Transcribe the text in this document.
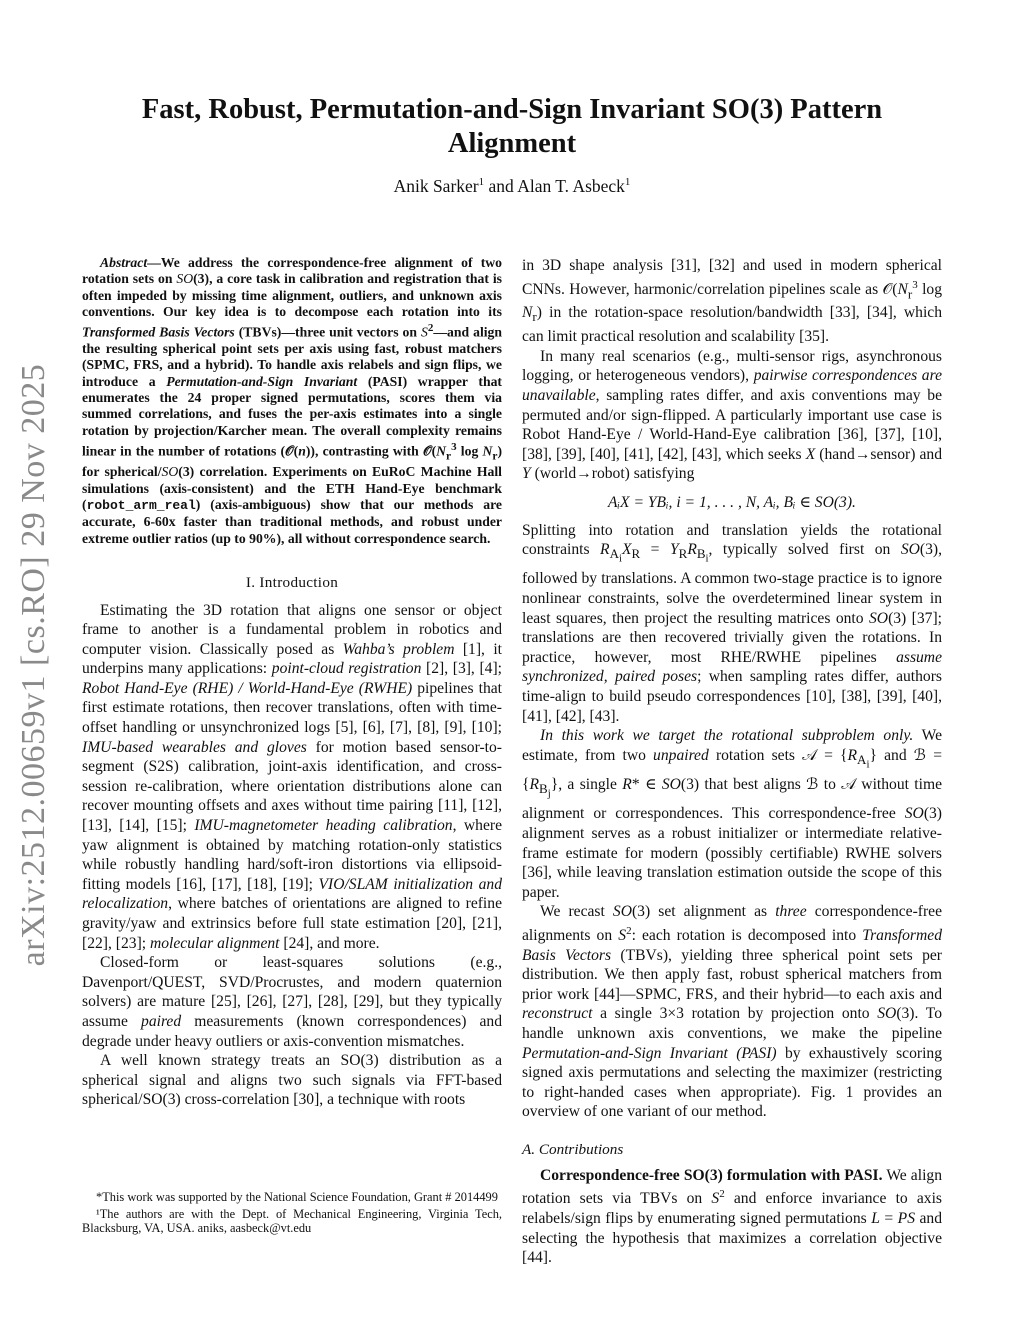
arXiv:2512.00659v1 [cs.RO] 29 Nov 2025
Fast, Robust, Permutation-and-Sign Invariant SO(3) Pattern Alignment
Anik Sarker$^1$ and Alan T. Asbeck$^1$
Abstract—We address the correspondence-free alignment of two rotation sets on SO(3), a core task in calibration and registration that is often impeded by missing time alignment, outliers, and unknown axis conventions. Our key idea is to decompose each rotation into its Transformed Basis Vectors (TBVs)—three unit vectors on $S^2—and$ align the resulting spherical point sets per axis using fast, robust matchers (SPMC, FRS, and a hybrid). To handle axis relabels and sign flips, we introduce a Permutation-and-Sign Invariant (PASI) wrapper that enumerates the 24 proper signed permutations, scores them via summed correlations, and fuses the per-axis estimates into a single rotation by projection/Karcher mean. The overall complexity remains linear in the number of rotations (𝒪(n)), contrasting with $𝒪(N_r^3$ $\log N_r$) for spherical/SO(3) correlation. Experiments on EuRoC Machine Hall simulations (axis-consistent) and the ETH Hand-Eye benchmark (robot_arm_real) (axis-ambiguous) show that our methods are accurate, 6-60x faster than traditional methods, and robust under extreme outlier ratios (up to 90%), all without correspondence search.
I. Introduction

Estimating the 3D rotation that aligns one sensor or object frame to another is a fundamental problem in robotics and computer vision. Classically posed as Wahba’s problem [1], it underpins many applications: point-cloud registration [2], [3], [4]; Robot Hand-Eye (RHE) / World-Hand-Eye (RWHE) pipelines that first estimate rotations, then recover translations, often with time-offset handling or unsynchronized logs [5], [6], [7], [8], [9], [10]; IMU-based wearables and gloves for motion based sensor-to-segment (S2S) calibration, joint-axis identification, and cross-session re-calibration, where orientation distributions alone can recover mounting offsets and axes without time pairing [11], [12], [13], [14], [15]; IMU-magnetometer heading calibration, where yaw alignment is obtained by matching rotation-only statistics while robustly handling hard/soft-iron distortions via ellipsoid-fitting models [16], [17], [18], [19]; VIO/SLAM initialization and relocalization, where batches of orientations are aligned to refine gravity/yaw and extrinsics before full state estimation [20], [21], [22], [23]; molecular alignment [24], and more.

Closed-form or least-squares solutions (e.g., Davenport/QUEST, SVD/Procrustes, and modern quaternion solvers) are mature [25], [26], [27], [28], [29], but they typically assume paired measurements (known correspondences) and degrade under heavy outliers or axis-convention mismatches.

A well known strategy treats an SO(3) distribution as a spherical signal and aligns two such signals via FFT-based spherical/SO(3) cross-correlation [30], a technique with roots

*This work was supported by the National Science Foundation, Grant # 2014499

¹The authors are with the Dept. of Mechanical Engineering, Virginia Tech, Blacksburg, VA, USA. aniks, aasbeck@vt.edu

in 3D shape analysis [31], [32] and used in modern spherical CNNs. However, harmonic/correlation pipelines scale as $𝒪(N_r^3$ $\log N_r$) in the rotation-space resolution/bandwidth [33], [34], which can limit practical resolution and scalability [35].

In many real scenarios (e.g., multi-sensor rigs, asynchronous logging, or heterogeneous vendors), pairwise correspondences are unavailable, sampling rates differ, and axis conventions may be permuted and/or sign-flipped. A particularly important use case is Robot Hand-Eye / World-Hand-Eye calibration [36], [37], [10], [38], [39], [40], [41], [42], [43], which seeks X (hand→sensor) and Y (world→robot) satisfying

AᵢX = YBᵢ, i = 1, . . . , N, Aᵢ, Bᵢ ∈ SO(3).

Splitting into rotation and translation yields the rotational constraints $R_{A_i}X_R = Y_RR_{B_i}$, typically solved first on SO(3), followed by translations. A common two-stage practice is to ignore nonlinear constraints, solve the overdetermined linear system in least squares, then project the resulting matrices onto SO(3) [37]; translations are then recovered trivially given the rotations. In practice, however, most RHE/RWHE pipelines assume synchronized, paired poses; when sampling rates differ, authors time-align to build pseudo correspondences [10], [38], [39], [40], [41], [42], [43].

In this work we target the rotational subproblem only. We estimate, from two unpaired rotation sets 𝒜 = $\{R_{A_i}\}$ and ℬ = $\{R_{B_j}\}$, a single R* ∈ SO(3) that best aligns ℬ to 𝒜 without time alignment or correspondences. This correspondence-free SO(3) alignment serves as a robust initializer or intermediate relative-frame estimate for modern (possibly certifiable) RWHE solvers [36], while leaving translation estimation outside the scope of this paper.

We recast SO(3) set alignment as three correspondence-free alignments on $S^2$: each rotation is decomposed into Transformed Basis Vectors (TBVs), yielding three spherical point sets per distribution. We then apply fast, robust spherical matchers from prior work [44]—SPMC, FRS, and their hybrid—to each axis and reconstruct a single 3×3 rotation by projection onto SO(3). To handle unknown axis conventions, we make the pipeline Permutation-and-Sign Invariant (PASI) by exhaustively scoring signed axis permutations and selecting the maximizer (restricting to right-handed cases when appropriate). Fig. 1 provides an overview of one variant of our method.

A. Contributions

Correspondence-free SO(3) formulation with PASI. We align rotation sets via TBVs on $S^2$ and enforce invariance to axis relabels/sign flips by enumerating signed permutations L = PS and selecting the hypothesis that maximizes a correlation objective [44].
